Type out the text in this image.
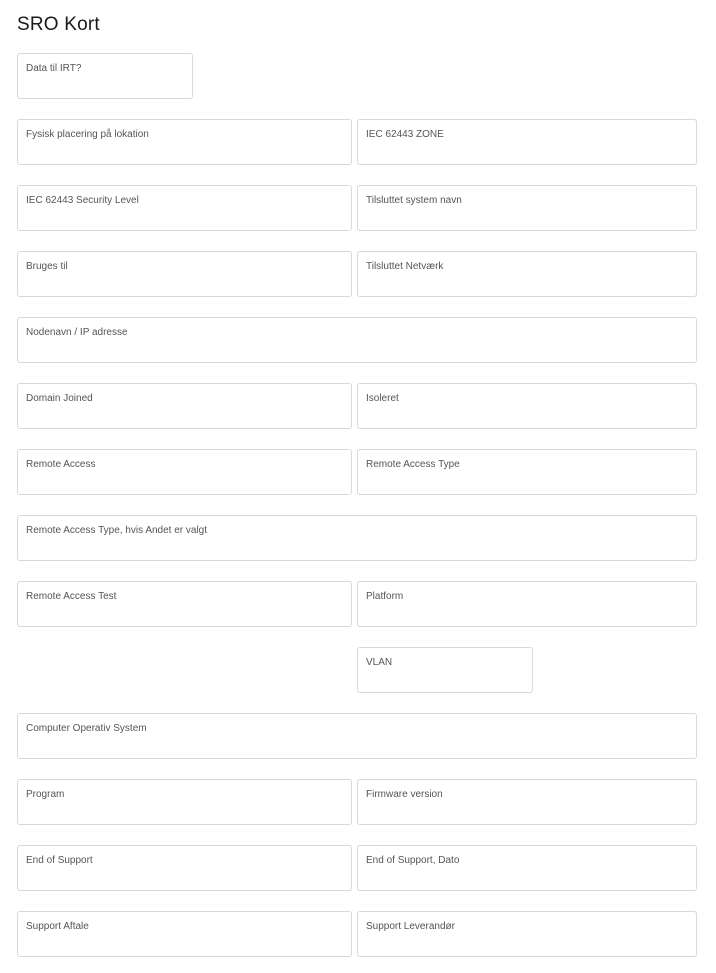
SRO Kort
Data til IRT?
Fysisk placering på lokation	IEC 62443 ZONE
IEC 62443 Security Level	Tilsluttet system navn
Bruges til	Tilsluttet Netværk
Nodenavn / IP adresse
Domain Joined	Isoleret
Remote Access	Remote Access Type
Remote Access Type, hvis Andet er valgt
Remote Access Test	Platform
VLAN
Computer Operativ System
Program	Firmware version
End of Support	End of Support, Dato
Support Aftale	Support Leverandør
